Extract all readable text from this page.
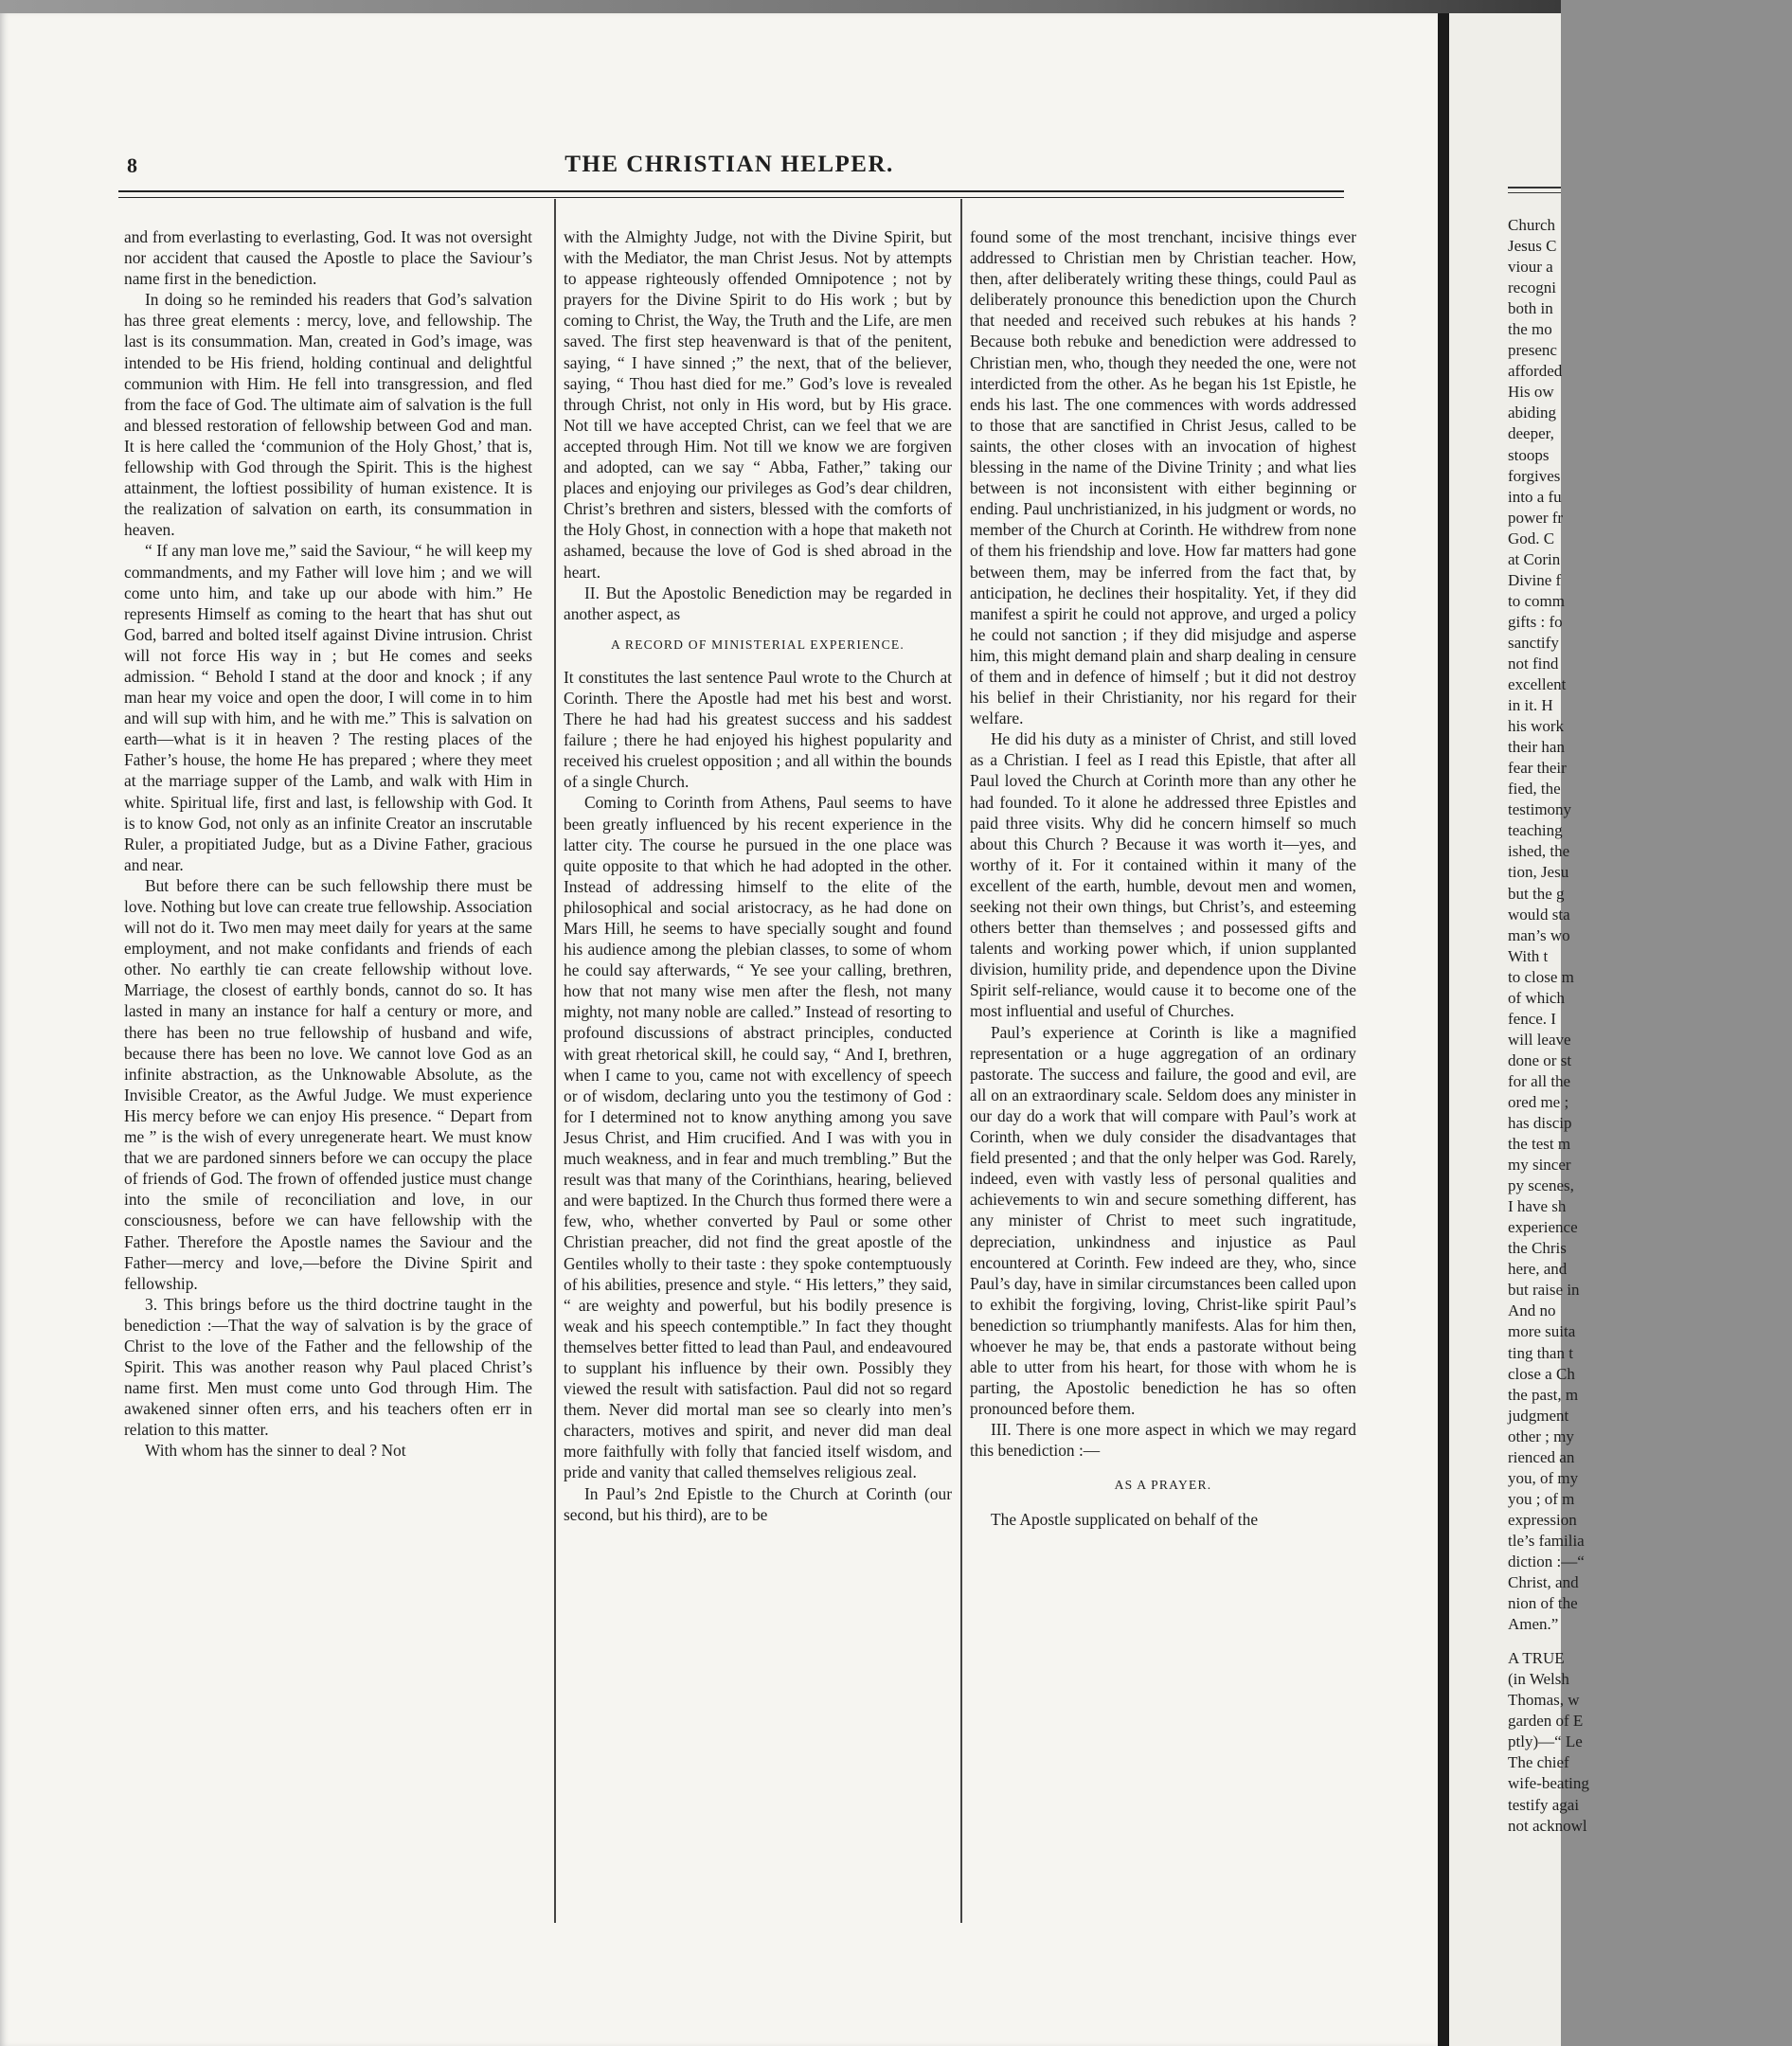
8	THE CHRISTIAN HELPER.

and from everlasting to everlasting, God. It was not oversight nor accident that caused the Apostle to place the Saviour’s name first in the benediction.

In doing so he reminded his readers that God’s salvation has three great elements : mercy, love, and fellowship. The last is its consummation. Man, created in God’s image, was intended to be His friend, holding continual and delightful communion with Him. He fell into transgression, and fled from the face of God. The ultimate aim of salvation is the full and blessed restoration of fellowship between God and man. It is here called the ‘communion of the Holy Ghost,’ that is, fellowship with God through the Spirit. This is the highest attainment, the loftiest possibility of human existence. It is the realization of salvation on earth, its consummation in heaven.

“ If any man love me,” said the Saviour, “ he will keep my commandments, and my Father will love him ; and we will come unto him, and take up our abode with him.” He represents Himself as coming to the heart that has shut out God, barred and bolted itself against Divine intrusion. Christ will not force His way in ; but He comes and seeks admission. “ Behold I stand at the door and knock ; if any man hear my voice and open the door, I will come in to him and will sup with him, and he with me.” This is salvation on earth—what is it in heaven ? The resting places of the Father’s house, the home He has prepared ; where they meet at the marriage supper of the Lamb, and walk with Him in white. Spiritual life, first and last, is fellowship with God. It is to know God, not only as an infinite Creator an inscrutable Ruler, a propitiated Judge, but as a Divine Father, gracious and near.

But before there can be such fellowship there must be love. Nothing but love can create true fellowship. Association will not do it. Two men may meet daily for years at the same employment, and not make confidants and friends of each other. No earthly tie can create fellowship without love. Marriage, the closest of earthly bonds, cannot do so. It has lasted in many an instance for half a century or more, and there has been no true fellowship of husband and wife, because there has been no love. We cannot love God as an infinite abstraction, as the Unknowable Absolute, as the Invisible Creator, as the Awful Judge. We must experience His mercy before we can enjoy His presence. “ Depart from me ” is the wish of every unregenerate heart. We must know that we are pardoned sinners before we can occupy the place of friends of God. The frown of offended justice must change into the smile of reconciliation and love, in our consciousness, before we can have fellowship with the Father. Therefore the Apostle names the Saviour and the Father—mercy and love,—before the Divine Spirit and fellowship.

3. This brings before us the third doctrine taught in the benediction :—That the way of salvation is by the grace of Christ to the love of the Father and the fellowship of the Spirit. This was another reason why Paul placed Christ’s name first. Men must come unto God through Him. The awakened sinner often errs, and his teachers often err in relation to this matter.

With whom has the sinner to deal ? Not

with the Almighty Judge, not with the Divine Spirit, but with the Mediator, the man Christ Jesus. Not by attempts to appease righteously offended Omnipotence ; not by prayers for the Divine Spirit to do His work ; but by coming to Christ, the Way, the Truth and the Life, are men saved. The first step heavenward is that of the penitent, saying, “ I have sinned ;” the next, that of the believer, saying, “ Thou hast died for me.” God’s love is revealed through Christ, not only in His word, but by His grace. Not till we have accepted Christ, can we feel that we are accepted through Him. Not till we know we are forgiven and adopted, can we say “ Abba, Father,” taking our places and enjoying our privileges as God’s dear children, Christ’s brethren and sisters, blessed with the comforts of the Holy Ghost, in connection with a hope that maketh not ashamed, because the love of God is shed abroad in the heart.

II. But the Apostolic Benediction may be regarded in another aspect, as

A RECORD OF MINISTERIAL EXPERIENCE.

It constitutes the last sentence Paul wrote to the Church at Corinth. There the Apostle had met his best and worst. There he had had his greatest success and his saddest failure ; there he had enjoyed his highest popularity and received his cruelest opposition ; and all within the bounds of a single Church.

Coming to Corinth from Athens, Paul seems to have been greatly influenced by his recent experience in the latter city. The course he pursued in the one place was quite opposite to that which he had adopted in the other. Instead of addressing himself to the elite of the philosophical and social aristocracy, as he had done on Mars Hill, he seems to have specially sought and found his audience among the plebian classes, to some of whom he could say afterwards, “ Ye see your calling, brethren, how that not many wise men after the flesh, not many mighty, not many noble are called.” Instead of resorting to profound discussions of abstract principles, conducted with great rhetorical skill, he could say, “ And I, brethren, when I came to you, came not with excellency of speech or of wisdom, declaring unto you the testimony of God : for I determined not to know anything among you save Jesus Christ, and Him crucified. And I was with you in much weakness, and in fear and much trembling.” But the result was that many of the Corinthians, hearing, believed and were baptized. In the Church thus formed there were a few, who, whether converted by Paul or some other Christian preacher, did not find the great apostle of the Gentiles wholly to their taste : they spoke contemptuously of his abilities, presence and style. “ His letters,” they said, “ are weighty and powerful, but his bodily presence is weak and his speech contemptible.” In fact they thought themselves better fitted to lead than Paul, and endeavoured to supplant his influence by their own. Possibly they viewed the result with satisfaction. Paul did not so regard them. Never did mortal man see so clearly into men’s characters, motives and spirit, and never did man deal more faithfully with folly that fancied itself wisdom, and pride and vanity that called themselves religious zeal.

In Paul’s 2nd Epistle to the Church at Corinth (our second, but his third), are to be

found some of the most trenchant, incisive things ever addressed to Christian men by Christian teacher. How, then, after deliberately writing these things, could Paul as deliberately pronounce this benediction upon the Church that needed and received such rebukes at his hands ? Because both rebuke and benediction were addressed to Christian men, who, though they needed the one, were not interdicted from the other. As he began his 1st Epistle, he ends his last. The one commences with words addressed to those that are sanctified in Christ Jesus, called to be saints, the other closes with an invocation of highest blessing in the name of the Divine Trinity ; and what lies between is not inconsistent with either beginning or ending. Paul unchristianized, in his judgment or words, no member of the Church at Corinth. He withdrew from none of them his friendship and love. How far matters had gone between them, may be inferred from the fact that, by anticipation, he declines their hospitality. Yet, if they did manifest a spirit he could not approve, and urged a policy he could not sanction ; if they did misjudge and asperse him, this might demand plain and sharp dealing in censure of them and in defence of himself ; but it did not destroy his belief in their Christianity, nor his regard for their welfare.

He did his duty as a minister of Christ, and still loved as a Christian. I feel as I read this Epistle, that after all Paul loved the Church at Corinth more than any other he had founded. To it alone he addressed three Epistles and paid three visits. Why did he concern himself so much about this Church ? Because it was worth it—yes, and worthy of it. For it contained within it many of the excellent of the earth, humble, devout men and women, seeking not their own things, but Christ’s, and esteeming others better than themselves ; and possessed gifts and talents and working power which, if union supplanted division, humility pride, and dependence upon the Divine Spirit self-reliance, would cause it to become one of the most influential and useful of Churches.

Paul’s experience at Corinth is like a magnified representation or a huge aggregation of an ordinary pastorate. The success and failure, the good and evil, are all on an extraordinary scale. Seldom does any minister in our day do a work that will compare with Paul’s work at Corinth, when we duly consider the disadvantages that field presented ; and that the only helper was God. Rarely, indeed, even with vastly less of personal qualities and achievements to win and secure something different, has any minister of Christ to meet such ingratitude, depreciation, unkindness and injustice as Paul encountered at Corinth. Few indeed are they, who, since Paul’s day, have in similar circumstances been called upon to exhibit the forgiving, loving, Christ-like spirit Paul’s benediction so triumphantly manifests. Alas for him then, whoever he may be, that ends a pastorate without being able to utter from his heart, for those with whom he is parting, the Apostolic benediction he has so often pronounced before them.

III. There is one more aspect in which we may regard this benediction :—

AS A PRAYER.

The Apostle supplicated on behalf of the

Church
Jesus C
viour a
recogni
both in
the mo
presenc
afforded
His ow
abiding
deeper,
stoops
forgives
into a fu
power fr
God. C
at Corin
Divine f
to comm
gifts : fo
sanctify
not find
excellent
in it. H
his work
their han
fear their
fied, the
testimony
teaching
ished, the
tion, Jesu
but the g
would sta
man’s wo
With t
to close m
of which
fence. I
will leave
done or st
for all the
ored me ;
has discip
the test m
my sincer
py scenes,
I have sh
experience
the Chris
here, and
but raise in
And no
more suita
ting than t
close a Ch
the past, m
judgment
other ; my
rienced an
you, of my
you ; of m
expression
tle’s familia
diction :—“
Christ, and
nion of the
Amen.”
A TRUE
(in Welsh
Thomas, w
garden of E
ptly)—“ Le
The chief
wife-beating
testify agai
not acknowl
